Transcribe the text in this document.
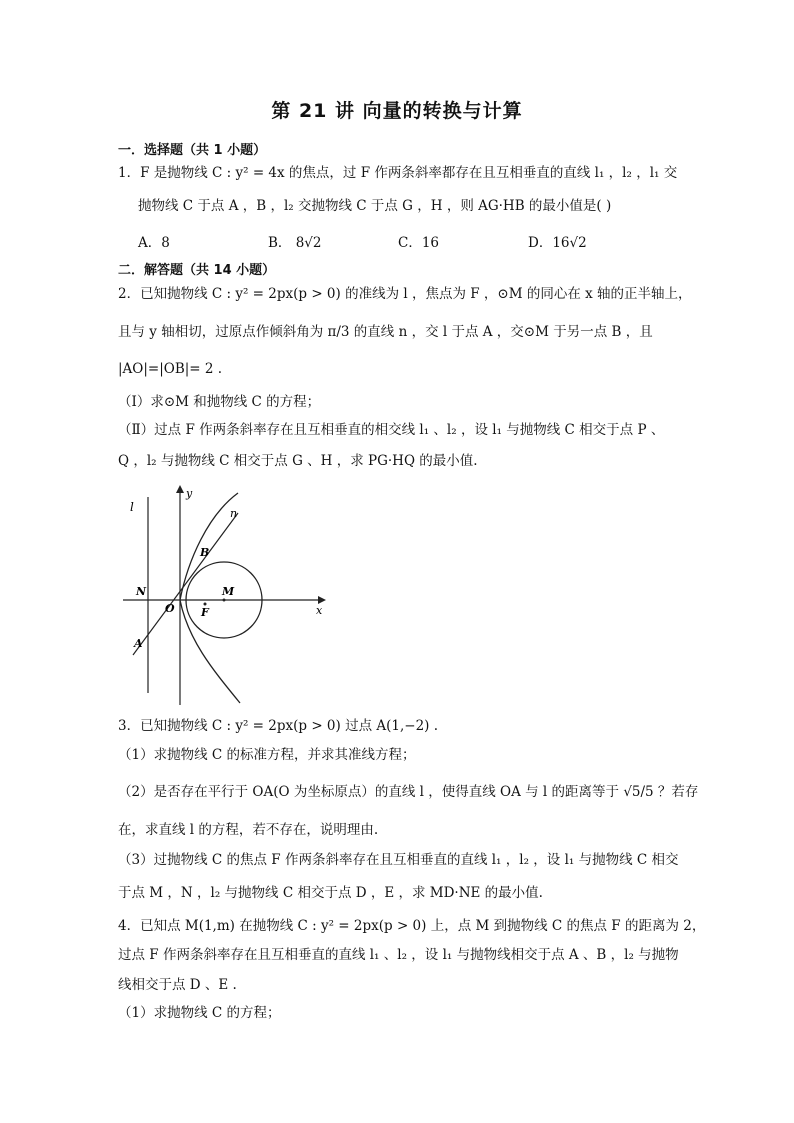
第 21 讲 向量的转换与计算
一．选择题（共 1 小题）
1．F 是抛物线 C : y² = 4x 的焦点，过 F 作两条斜率都存在且互相垂直的直线 l₁ ，l₂ ，l₁ 交
抛物线 C 于点 A ，B ，l₂ 交抛物线 C 于点 G ，H ，则 AG·HB 的最小值是( )
A．8	B． 8√2	C．16	D．16√2
二．解答题（共 14 小题）
2．已知抛物线 C : y² = 2px(p > 0) 的准线为 l ，焦点为 F ，⊙M 的同心在 x 轴的正半轴上，
且与 y 轴相切，过原点作倾斜角为 π/3 的直线 n ，交 l 于点 A ，交⊙M 于另一点 B ，且
|AO|=|OB|= 2 .
（Ⅰ）求⊙M 和抛物线 C 的方程；
（Ⅱ）过点 F 作两条斜率存在且互相垂直的相交线 l₁ 、l₂ ，设 l₁ 与抛物线 C 相交于点 P 、
Q ，l₂ 与抛物线 C 相交于点 G 、H ，求 PG·HQ 的最小值.
l
y
n
B
N
O F
M
x
A
3．已知抛物线 C : y² = 2px(p > 0) 过点 A(1,−2) .
（1）求抛物线 C 的标准方程，并求其准线方程；
（2）是否存在平行于 OA(O 为坐标原点）的直线 l ，使得直线 OA 与 l 的距离等于 √5/5 ？若存
在，求直线 l 的方程，若不存在，说明理由.
（3）过抛物线 C 的焦点 F 作两条斜率存在且互相垂直的直线 l₁ ，l₂ ，设 l₁ 与抛物线 C 相交
于点 M ，N ，l₂ 与抛物线 C 相交于点 D ，E ，求 MD·NE 的最小值.
4．已知点 M(1,m) 在抛物线 C : y² = 2px(p > 0) 上，点 M 到抛物线 C 的焦点 F 的距离为 2，
过点 F 作两条斜率存在且互相垂直的直线 l₁ 、l₂ ，设 l₁ 与抛物线相交于点 A 、B ，l₂ 与抛物
线相交于点 D 、E .
（1）求抛物线 C 的方程；
